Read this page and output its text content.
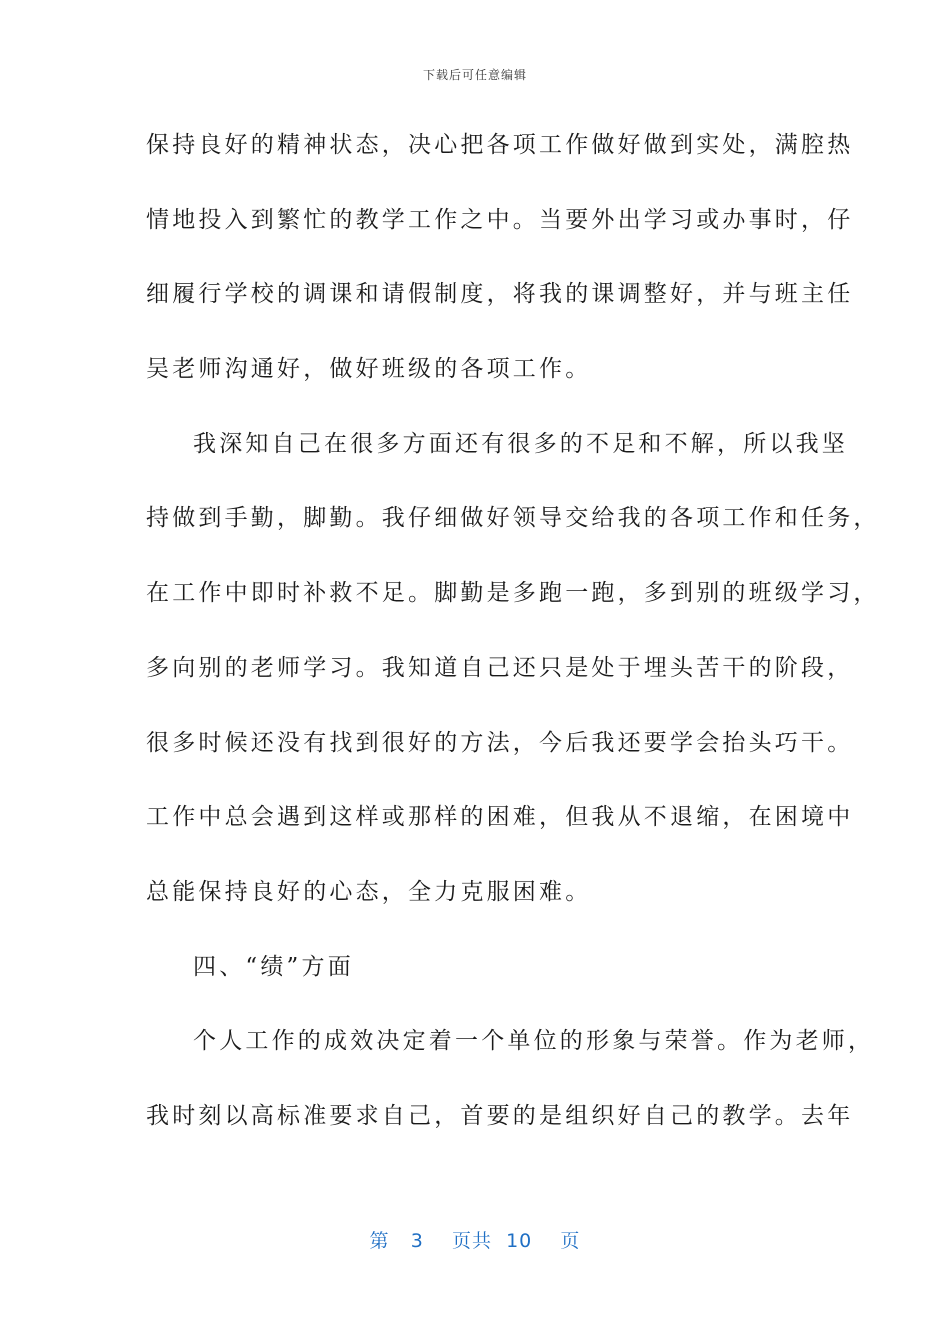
下载后可任意编辑
保持良好的精神状态，决心把各项工作做好做到实处，满腔热
情地投入到繁忙的教学工作之中。当要外出学习或办事时，仔
细履行学校的调课和请假制度，将我的课调整好，并与班主任
吴老师沟通好，做好班级的各项工作。
我深知自己在很多方面还有很多的不足和不解，所以我坚
持做到手勤，脚勤。我仔细做好领导交给我的各项工作和任务，
在工作中即时补救不足。脚勤是多跑一跑，多到别的班级学习，
多向别的老师学习。我知道自己还只是处于埋头苦干的阶段，
很多时候还没有找到很好的方法，今后我还要学会抬头巧干。
工作中总会遇到这样或那样的困难，但我从不退缩，在困境中
总能保持良好的心态，全力克服困难。
四、“绩”方面
个人工作的成效决定着一个单位的形象与荣誉。作为老师，
我时刻以高标准要求自己，首要的是组织好自己的教学。去年
第 3 页共 10 页
